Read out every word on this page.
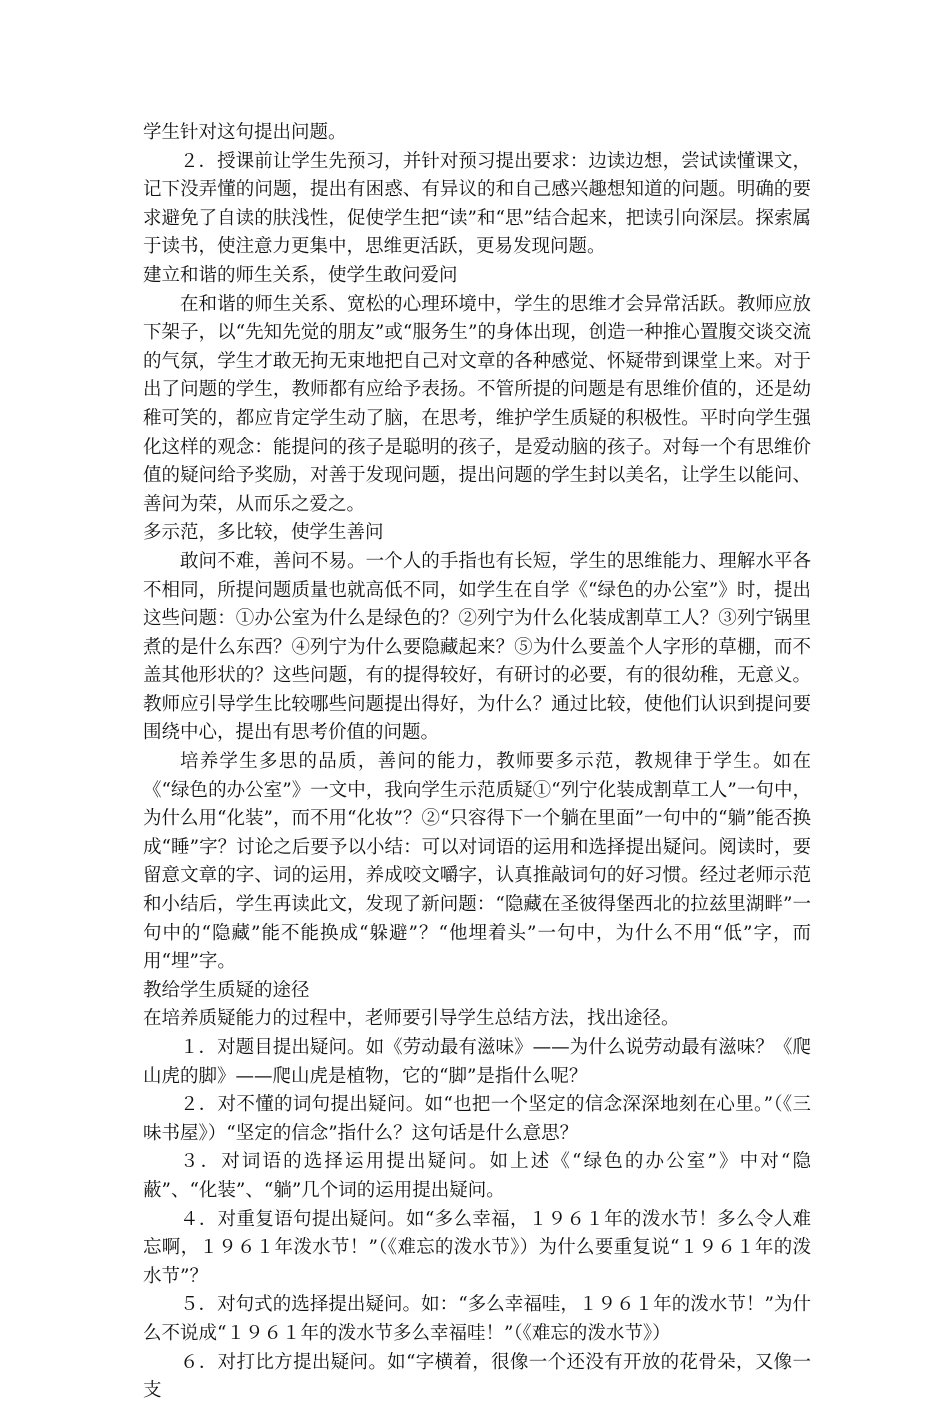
学生针对这句提出问题。

２．授课前让学生先预习，并针对预习提出要求：边读边想，尝试读懂课文，记下没弄懂的问题，提出有困惑、有异议的和自己感兴趣想知道的问题。明确的要求避免了自读的肤浅性，促使学生把“读”和“思”结合起来，把读引向深层。探索属于读书，使注意力更集中，思维更活跃，更易发现问题。

建立和谐的师生关系，使学生敢问爱问

在和谐的师生关系、宽松的心理环境中，学生的思维才会异常活跃。教师应放下架子，以“先知先觉的朋友”或“服务生”的身体出现，创造一种推心置腹交谈交流的气氛，学生才敢无拘无束地把自己对文章的各种感觉、怀疑带到课堂上来。对于出了问题的学生，教师都有应给予表扬。不管所提的问题是有思维价值的，还是幼稚可笑的，都应肯定学生动了脑，在思考，维护学生质疑的积极性。平时向学生强化这样的观念：能提问的孩子是聪明的孩子，是爱动脑的孩子。对每一个有思维价值的疑问给予奖励，对善于发现问题，提出问题的学生封以美名，让学生以能问、善问为荣，从而乐之爱之。

多示范，多比较，使学生善问

敢问不难，善问不易。一个人的手指也有长短，学生的思维能力、理解水平各不相同，所提问题质量也就高低不同，如学生在自学《“绿色的办公室”》时，提出这些问题：①办公室为什么是绿色的？②列宁为什么化装成割草工人？③列宁锅里煮的是什么东西？④列宁为什么要隐藏起来？⑤为什么要盖个人字形的草棚，而不盖其他形状的？这些问题，有的提得较好，有研讨的必要，有的很幼稚，无意义。教师应引导学生比较哪些问题提出得好，为什么？通过比较，使他们认识到提问要围绕中心，提出有思考价值的问题。

培养学生多思的品质，善问的能力，教师要多示范，教规律于学生。如在《“绿色的办公室”》一文中，我向学生示范质疑①“列宁化装成割草工人”一句中，为什么用“化装”，而不用“化妆”？②“只容得下一个躺在里面”一句中的“躺”能否换成“睡”字？讨论之后要予以小结：可以对词语的运用和选择提出疑问。阅读时，要留意文章的字、词的运用，养成咬文嚼字，认真推敲词句的好习惯。经过老师示范和小结后，学生再读此文，发现了新问题：“隐藏在圣彼得堡西北的拉兹里湖畔”一句中的“隐藏”能不能换成“躲避”？“他埋着头”一句中，为什么不用“低”字，而用“埋”字。

教给学生质疑的途径

在培养质疑能力的过程中，老师要引导学生总结方法，找出途径。

１．对题目提出疑问。如《劳动最有滋味》——为什么说劳动最有滋味？《爬山虎的脚》——爬山虎是植物，它的“脚”是指什么呢？

２．对不懂的词句提出疑问。如“也把一个坚定的信念深深地刻在心里。”（《三味书屋》）“坚定的信念”指什么？这句话是什么意思？

３．对词语的选择运用提出疑问。如上述《“绿色的办公室”》中对“隐蔽”、“化装”、“躺”几个词的运用提出疑问。

４．对重复语句提出疑问。如“多么幸福，１９６１年的泼水节！多么令人难忘啊，１９６１年泼水节！”（《难忘的泼水节》）为什么要重复说“１９６１年的泼水节”？

５．对句式的选择提出疑问。如：“多么幸福哇，１９６１年的泼水节！”为什么不说成“１９６１年的泼水节多么幸福哇！”（《难忘的泼水节》）

６．对打比方提出疑问。如“字横着，很像一个还没有开放的花骨朵，又像一支
